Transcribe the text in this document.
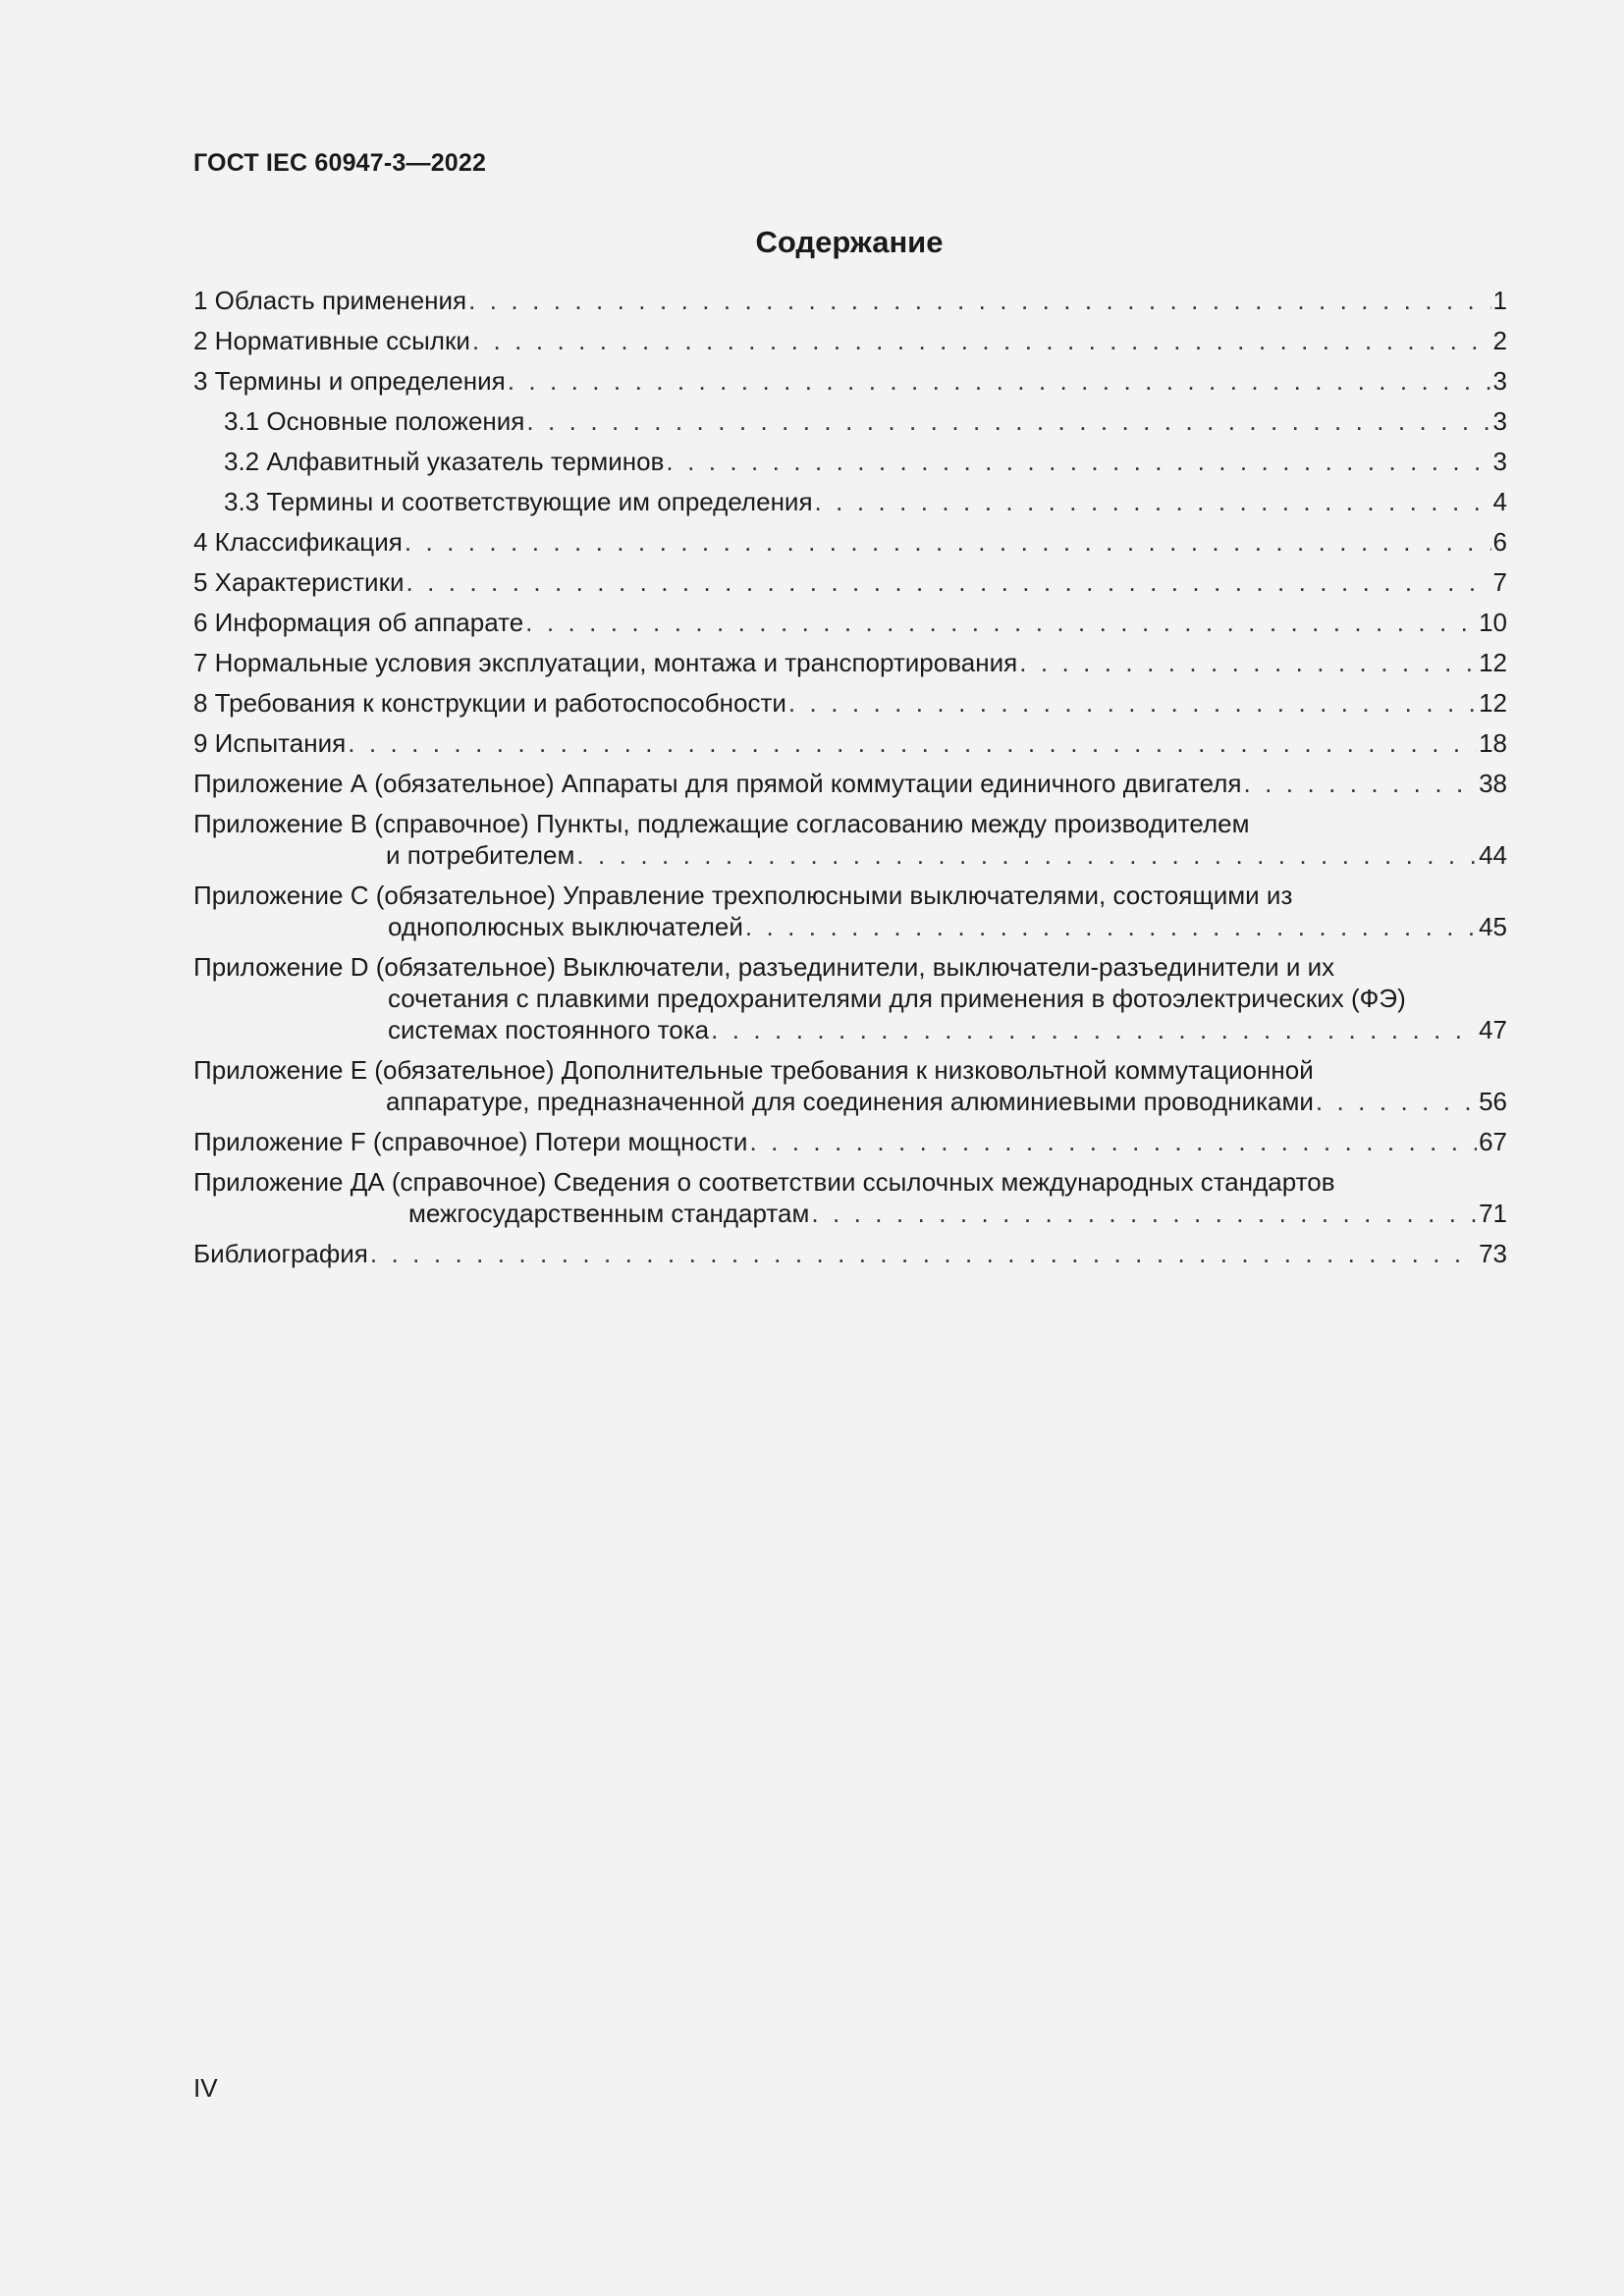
ГОСТ IEC 60947-3—2022
Содержание
1 Область применения . . .	1
2 Нормативные ссылки . . .	2
3 Термины и определения . . .	3
3.1 Основные положения . . .	3
3.2 Алфавитный указатель терминов . . .	3
3.3 Термины и соответствующие им определения . . .	4
4 Классификация . . .	6
5 Характеристики . . .	7
6 Информация об аппарате . . .	10
7 Нормальные условия эксплуатации, монтажа и транспортирования . . .	12
8 Требования к конструкции и работоспособности . . .	12
9 Испытания . . .	18
Приложение А (обязательное) Аппараты для прямой коммутации единичного двигателя . . .	38
Приложение В (справочное) Пункты, подлежащие согласованию между производителем
и потребителем . . .	44
Приложение С (обязательное) Управление трехполюсными выключателями, состоящими из
однополюсных выключателей . . .	45
Приложение D (обязательное) Выключатели, разъединители, выключатели-разъединители и их
сочетания с плавкими предохранителями для применения в фотоэлектрических (ФЭ)
системах постоянного тока . . .	47
Приложение Е (обязательное) Дополнительные требования к низковольтной коммутационной
аппаратуре, предназначенной для соединения алюминиевыми проводниками . . .	56
Приложение F (справочное) Потери мощности . . .	67
Приложение ДА (справочное) Сведения о соответствии ссылочных международных стандартов
межгосударственным стандартам . . .	71
Библиография . . .	73
IV
